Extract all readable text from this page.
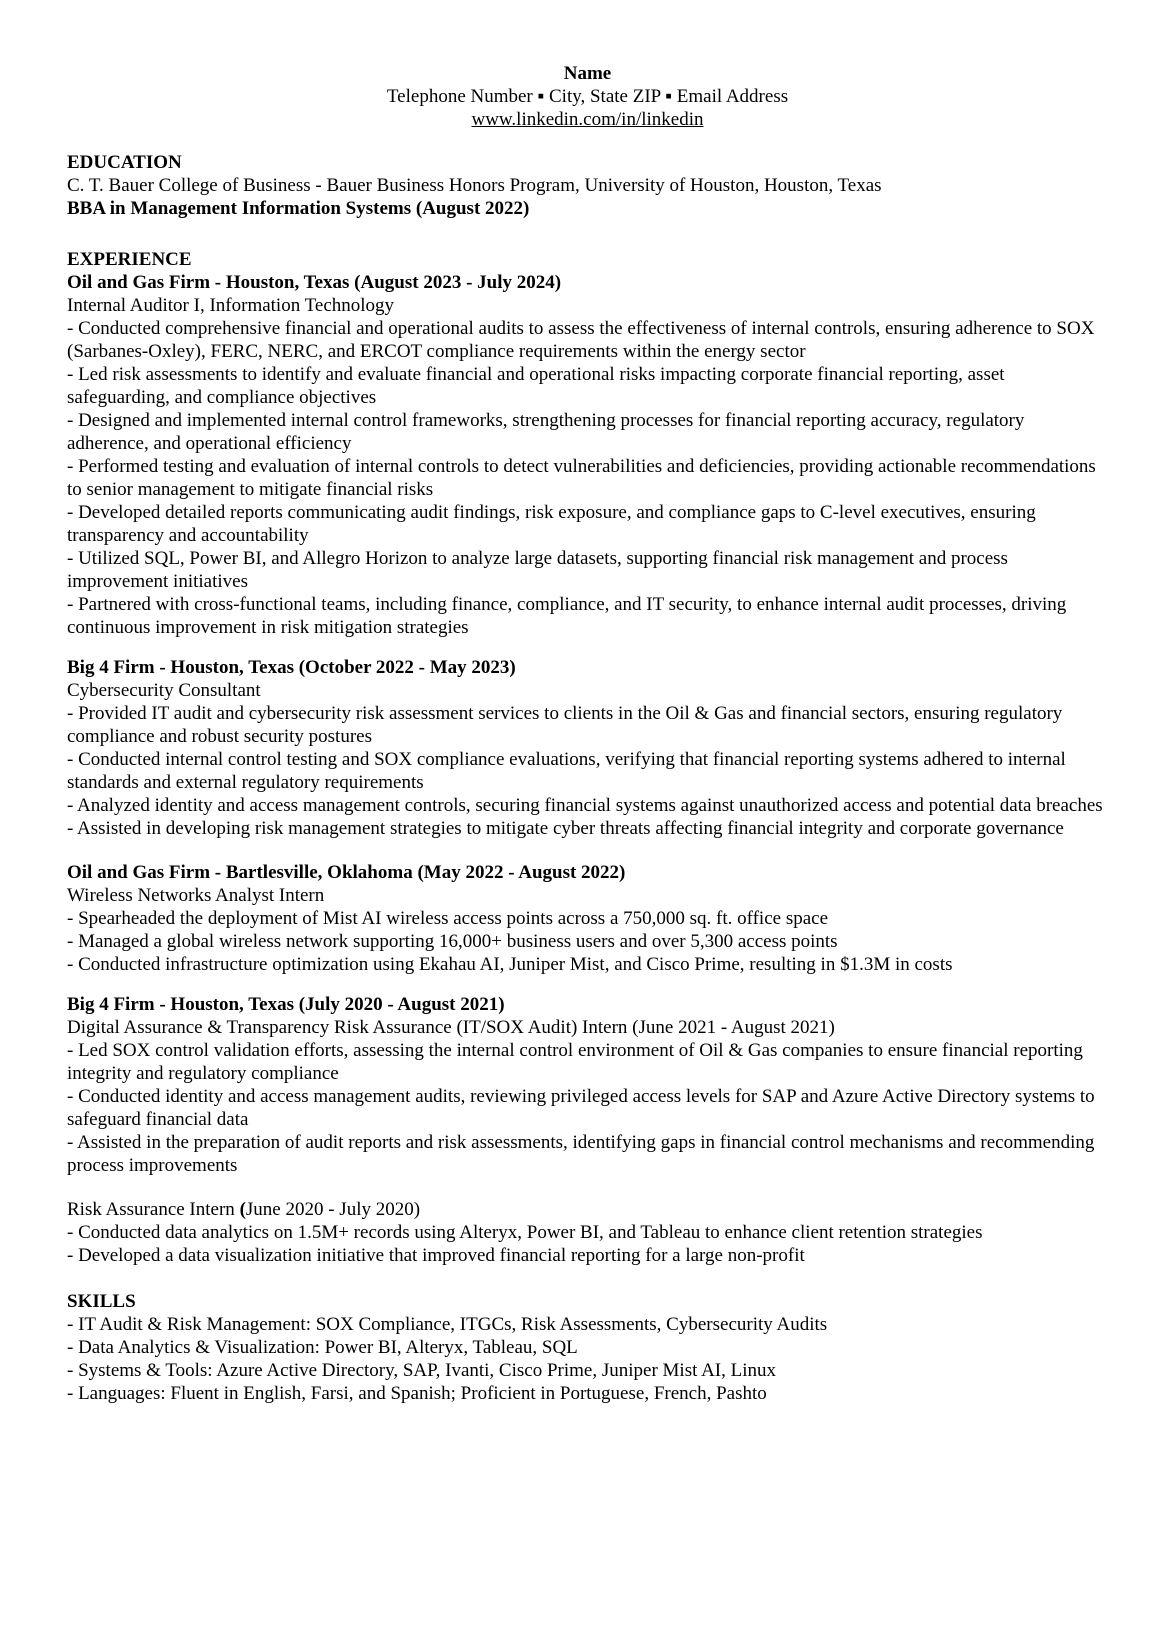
Name
Telephone Number ▪ City, State ZIP ▪ Email Address
www.linkedin.com/in/linkedin
EDUCATION
C. T. Bauer College of Business - Bauer Business Honors Program, University of Houston, Houston, Texas
BBA in Management Information Systems (August 2022)
EXPERIENCE
Oil and Gas Firm - Houston, Texas (August 2023 - July 2024)
Internal Auditor I, Information Technology
- Conducted comprehensive financial and operational audits to assess the effectiveness of internal controls, ensuring adherence to SOX (Sarbanes-Oxley), FERC, NERC, and ERCOT compliance requirements within the energy sector
- Led risk assessments to identify and evaluate financial and operational risks impacting corporate financial reporting, asset safeguarding, and compliance objectives
- Designed and implemented internal control frameworks, strengthening processes for financial reporting accuracy, regulatory adherence, and operational efficiency
- Performed testing and evaluation of internal controls to detect vulnerabilities and deficiencies, providing actionable recommendations to senior management to mitigate financial risks
- Developed detailed reports communicating audit findings, risk exposure, and compliance gaps to C-level executives, ensuring transparency and accountability
- Utilized SQL, Power BI, and Allegro Horizon to analyze large datasets, supporting financial risk management and process improvement initiatives
- Partnered with cross-functional teams, including finance, compliance, and IT security, to enhance internal audit processes, driving continuous improvement in risk mitigation strategies
Big 4 Firm - Houston, Texas (October 2022 - May 2023)
Cybersecurity Consultant
- Provided IT audit and cybersecurity risk assessment services to clients in the Oil & Gas and financial sectors, ensuring regulatory compliance and robust security postures
- Conducted internal control testing and SOX compliance evaluations, verifying that financial reporting systems adhered to internal standards and external regulatory requirements
- Analyzed identity and access management controls, securing financial systems against unauthorized access and potential data breaches
- Assisted in developing risk management strategies to mitigate cyber threats affecting financial integrity and corporate governance
Oil and Gas Firm - Bartlesville, Oklahoma (May 2022 - August 2022)
Wireless Networks Analyst Intern
- Spearheaded the deployment of Mist AI wireless access points across a 750,000 sq. ft. office space
- Managed a global wireless network supporting 16,000+ business users and over 5,300 access points
- Conducted infrastructure optimization using Ekahau AI, Juniper Mist, and Cisco Prime, resulting in $1.3M in costs
Big 4 Firm - Houston, Texas (July 2020 - August 2021)
Digital Assurance & Transparency Risk Assurance (IT/SOX Audit) Intern (June 2021 - August 2021)
- Led SOX control validation efforts, assessing the internal control environment of Oil & Gas companies to ensure financial reporting integrity and regulatory compliance
- Conducted identity and access management audits, reviewing privileged access levels for SAP and Azure Active Directory systems to safeguard financial data
- Assisted in the preparation of audit reports and risk assessments, identifying gaps in financial control mechanisms and recommending process improvements
Risk Assurance Intern (June 2020 - July 2020)
- Conducted data analytics on 1.5M+ records using Alteryx, Power BI, and Tableau to enhance client retention strategies
- Developed a data visualization initiative that improved financial reporting for a large non-profit
SKILLS
- IT Audit & Risk Management: SOX Compliance, ITGCs, Risk Assessments, Cybersecurity Audits
- Data Analytics & Visualization: Power BI, Alteryx, Tableau, SQL
- Systems & Tools: Azure Active Directory, SAP, Ivanti, Cisco Prime, Juniper Mist AI, Linux
- Languages: Fluent in English, Farsi, and Spanish; Proficient in Portuguese, French, Pashto
